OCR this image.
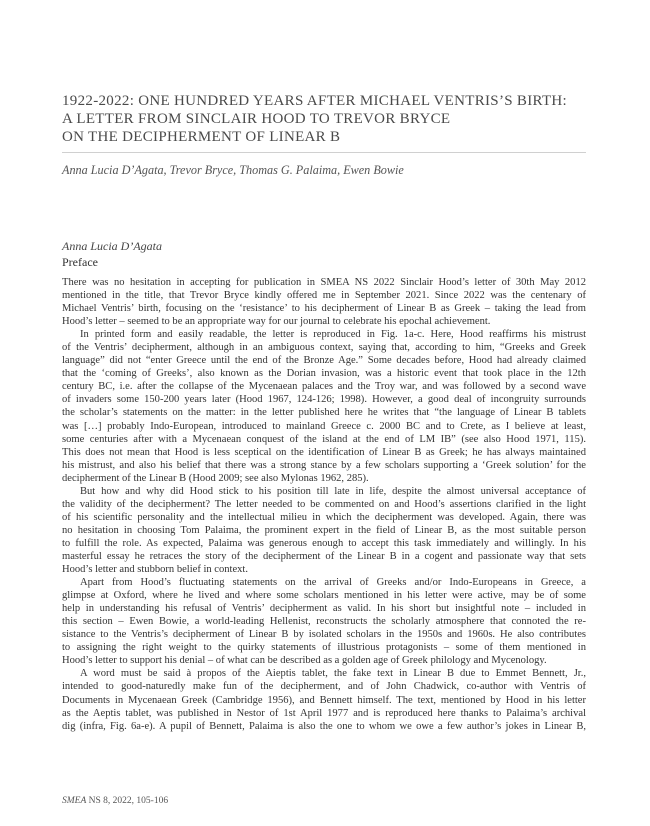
1922-2022: ONE HUNDRED YEARS AFTER MICHAEL VENTRIS’S BIRTH:
A LETTER FROM SINCLAIR HOOD TO TREVOR BRYCE
ON THE DECIPHERMENT OF LINEAR B
Anna Lucia D’Agata, Trevor Bryce, Thomas G. Palaima, Ewen Bowie
Anna Lucia D’Agata
Preface
There was no hesitation in accepting for publication in SMEA NS 2022 Sinclair Hood’s letter of 30th May 2012
mentioned in the title, that Trevor Bryce kindly offered me in September 2021. Since 2022 was the centenary of
Michael Ventris’ birth, focusing on the ‘resistance’ to his decipherment of Linear B as Greek – taking the lead from
Hood’s letter – seemed to be an appropriate way for our journal to celebrate his epochal achievement.
In printed form and easily readable, the letter is reproduced in Fig. 1a-c. Here, Hood reaffirms his mistrust
of the Ventris’ decipherment, although in an ambiguous context, saying that, according to him, “Greeks and Greek
language” did not “enter Greece until the end of the Bronze Age.” Some decades before, Hood had already claimed
that the ‘coming of Greeks’, also known as the Dorian invasion, was a historic event that took place in the 12th
century BC, i.e. after the collapse of the Mycenaean palaces and the Troy war, and was followed by a second wave
of invaders some 150-200 years later (Hood 1967, 124-126; 1998). However, a good deal of incongruity surrounds
the scholar’s statements on the matter: in the letter published here he writes that “the language of Linear B tablets
was […] probably Indo-European, introduced to mainland Greece c. 2000 BC and to Crete, as I believe at least,
some centuries after with a Mycenaean conquest of the island at the end of LM IB” (see also Hood 1971, 115).
This does not mean that Hood is less sceptical on the identification of Linear B as Greek; he has always maintained
his mistrust, and also his belief that there was a strong stance by a few scholars supporting a ‘Greek solution’ for the
decipherment of the Linear B (Hood 2009; see also Mylonas 1962, 285).
But how and why did Hood stick to his position till late in life, despite the almost universal acceptance of
the validity of the decipherment? The letter needed to be commented on and Hood’s assertions clarified in the light
of his scientific personality and the intellectual milieu in which the decipherment was developed. Again, there was
no hesitation in choosing Tom Palaima, the prominent expert in the field of Linear B, as the most suitable person
to fulfill the role. As expected, Palaima was generous enough to accept this task immediately and willingly. In his
masterful essay he retraces the story of the decipherment of the Linear B in a cogent and passionate way that sets
Hood’s letter and stubborn belief in context.
Apart from Hood’s fluctuating statements on the arrival of Greeks and/or Indo-Europeans in Greece, a
glimpse at Oxford, where he lived and where some scholars mentioned in his letter were active, may be of some
help in understanding his refusal of Ventris’ decipherment as valid. In his short but insightful note – included in
this section – Ewen Bowie, a world-leading Hellenist, reconstructs the scholarly atmosphere that connoted the re-
sistance to the Ventris’s decipherment of Linear B by isolated scholars in the 1950s and 1960s. He also contributes
to assigning the right weight to the quirky statements of illustrious protagonists – some of them mentioned in
Hood’s letter to support his denial – of what can be described as a golden age of Greek philology and Mycenology.
A word must be said à propos of the Aieptis tablet, the fake text in Linear B due to Emmet Bennett, Jr.,
intended to good-naturedly make fun of the decipherment, and of John Chadwick, co-author with Ventris of
Documents in Mycenaean Greek (Cambridge 1956), and Bennett himself. The text, mentioned by Hood in his letter
as the Aeptis tablet, was published in Nestor of 1st April 1977 and is reproduced here thanks to Palaima’s archival
dig (infra, Fig. 6a-e). A pupil of Bennett, Palaima is also the one to whom we owe a few author’s jokes in Linear B,
SMEA NS 8, 2022, 105-106
